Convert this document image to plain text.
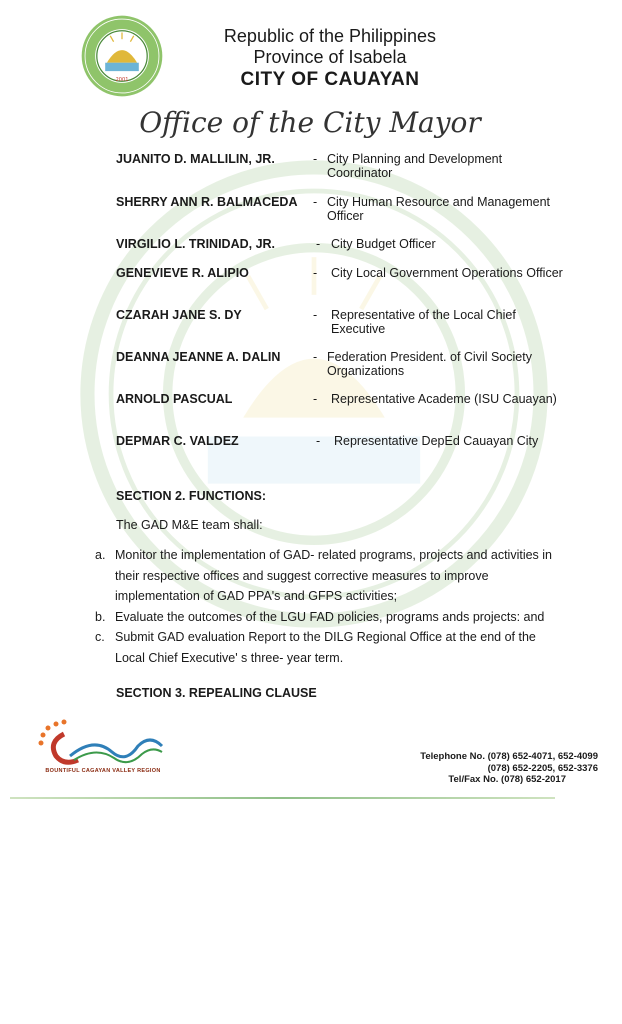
2001
Republic of the Philippines
Province of Isabela
CITY OF CAUAYAN
Office of the City Mayor
JUANITO D. MALLILIN, JR.	- City Planning and Development Coordinator
SHERRY ANN R. BALMACEDA - City Human Resource and Management Officer
VIRGILIO L. TRINIDAD, JR.	- City Budget Officer
GENEVIEVE R. ALIPIO	- City Local Government Operations Officer
CZARAH JANE S. DY	- Representative of the Local Chief Executive
DEANNA JEANNE A. DALIN	- Federation President. of Civil Society Organizations
ARNOLD PASCUAL	- Representative Academe (ISU Cauayan)
DEPMAR C. VALDEZ	- Representative DepEd Cauayan City
SECTION 2. FUNCTIONS:
The GAD M&E team shall:
a. Monitor the implementation of GAD- related programs, projects and activities in their respective offices and suggest corrective measures to improve implementation of GAD PPA's and GFPS activities;
b. Evaluate the outcomes of the LGU FAD policies, programs ands projects: and
c. Submit GAD evaluation Report to the DILG Regional Office at the end of the Local Chief Executive' s three- year term.
SECTION 3. REPEALING CLAUSE
BOUNTIFUL CAGAYAN VALLEY REGION
Telephone No. (078) 652-4071, 652-4099
(078) 652-2205, 652-3376
Tel/Fax No. (078) 652-2017
